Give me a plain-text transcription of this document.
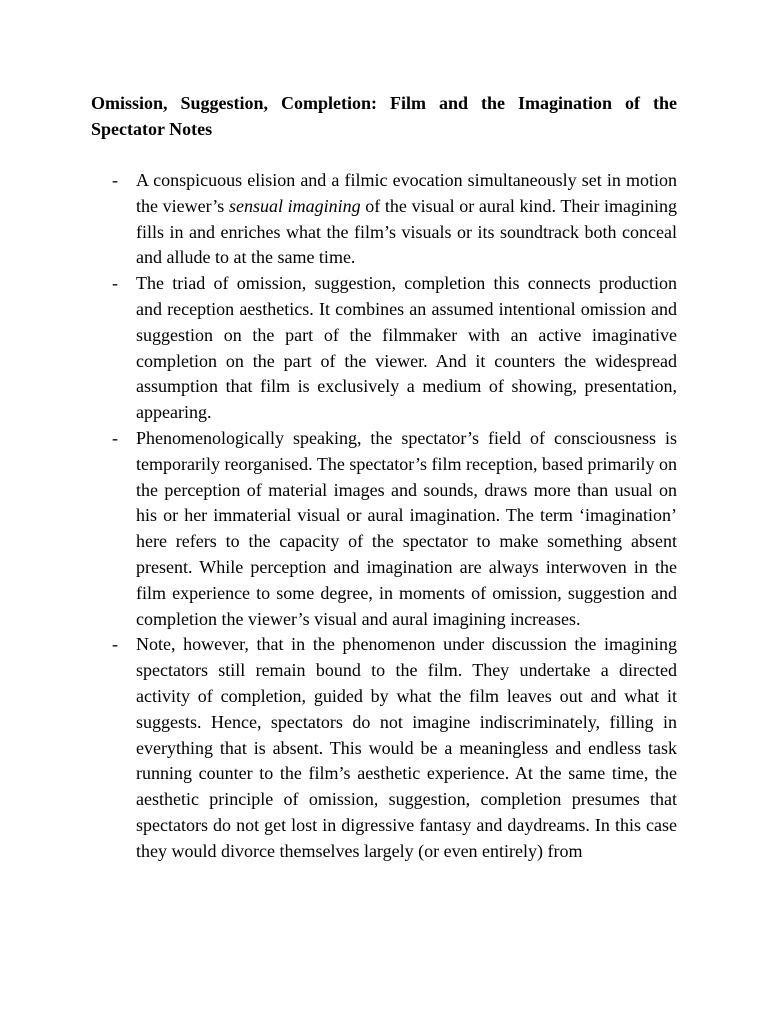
Omission, Suggestion, Completion: Film and the Imagination of the Spectator Notes
- A conspicuous elision and a filmic evocation simultaneously set in motion the viewer’s sensual imagining of the visual or aural kind. Their imagining fills in and enriches what the film’s visuals or its soundtrack both conceal and allude to at the same time.
- The triad of omission, suggestion, completion this connects production and reception aesthetics. It combines an assumed intentional omission and suggestion on the part of the filmmaker with an active imaginative completion on the part of the viewer. And it counters the widespread assumption that film is exclusively a medium of showing, presentation, appearing.
- Phenomenologically speaking, the spectator’s field of consciousness is temporarily reorganised. The spectator’s film reception, based primarily on the perception of material images and sounds, draws more than usual on his or her immaterial visual or aural imagination. The term ‘imagination’ here refers to the capacity of the spectator to make something absent present. While perception and imagination are always interwoven in the film experience to some degree, in moments of omission, suggestion and completion the viewer’s visual and aural imagining increases.
- Note, however, that in the phenomenon under discussion the imagining spectators still remain bound to the film. They undertake a directed activity of completion, guided by what the film leaves out and what it suggests. Hence, spectators do not imagine indiscriminately, filling in everything that is absent. This would be a meaningless and endless task running counter to the film’s aesthetic experience. At the same time, the aesthetic principle of omission, suggestion, completion presumes that spectators do not get lost in digressive fantasy and daydreams. In this case they would divorce themselves largely (or even entirely) from
